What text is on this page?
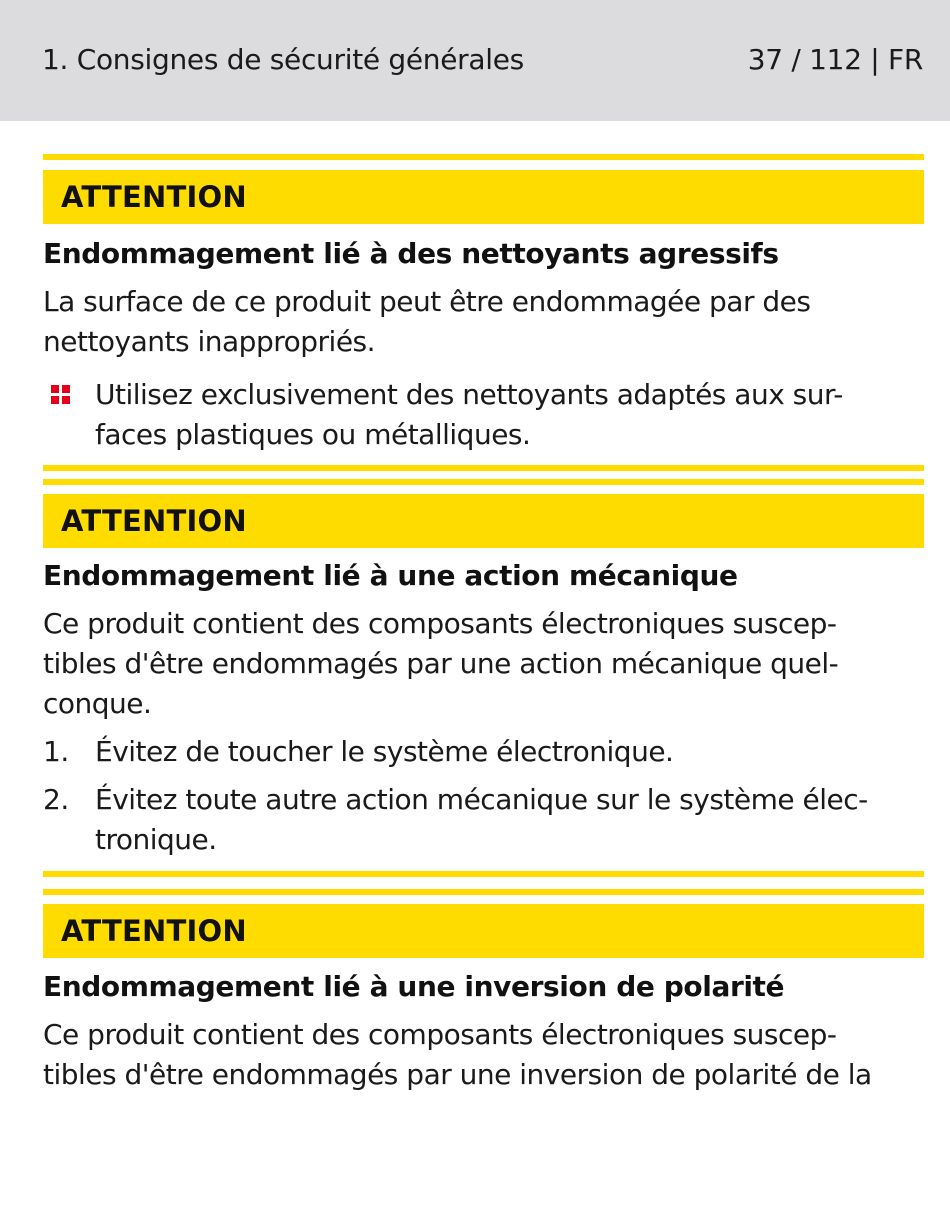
1. Consignes de sécurité générales	37 / 112 | FR
ATTENTION
Endommagement lié à des nettoyants agressifs
La surface de ce produit peut être endommagée par des nettoyants inappropriés.
Utilisez exclusivement des nettoyants adaptés aux sur-
faces plastiques ou métalliques.
ATTENTION
Endommagement lié à une action mécanique
Ce produit contient des composants électroniques suscep-
tibles d'être endommagés par une action mécanique quel-
conque.
1. Évitez de toucher le système électronique.
2. Évitez toute autre action mécanique sur le système élec-
tronique.
ATTENTION
Endommagement lié à une inversion de polarité
Ce produit contient des composants électroniques suscep-
tibles d'être endommagés par une inversion de polarité de la
